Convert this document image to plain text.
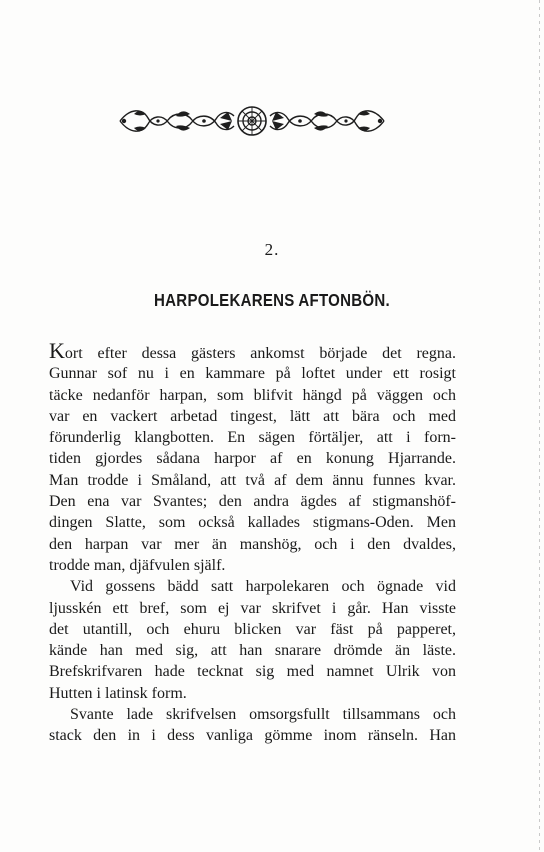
2.
HARPOLEKARENS AFTONBÖN.
Kort efter dessa gästers ankomst började det regna.
Gunnar sof nu i en kammare på loftet under ett rosigt
täcke nedanför harpan, som blifvit hängd på väggen och
var en vackert arbetad tingest, lätt att bära och med
förunderlig klangbotten. En sägen förtäljer, att i forn-
tiden gjordes sådana harpor af en konung Hjarrande.
Man trodde i Småland, att två af dem ännu funnes kvar.
Den ena var Svantes; den andra ägdes af stigmanshöf-
dingen Slatte, som också kallades stigmans-Oden. Men
den harpan var mer än manshög, och i den dvaldes,
trodde man, djäfvulen själf.
Vid gossens bädd satt harpolekaren och ögnade vid
ljusskén ett bref, som ej var skrifvet i går. Han visste
det utantill, och ehuru blicken var fäst på papperet,
kände han med sig, att han snarare drömde än läste.
Brefskrifvaren hade tecknat sig med namnet Ulrik von
Hutten i latinsk form.
Svante lade skrifvelsen omsorgsfullt tillsammans och
stack den in i dess vanliga gömme inom ränseln. Han
